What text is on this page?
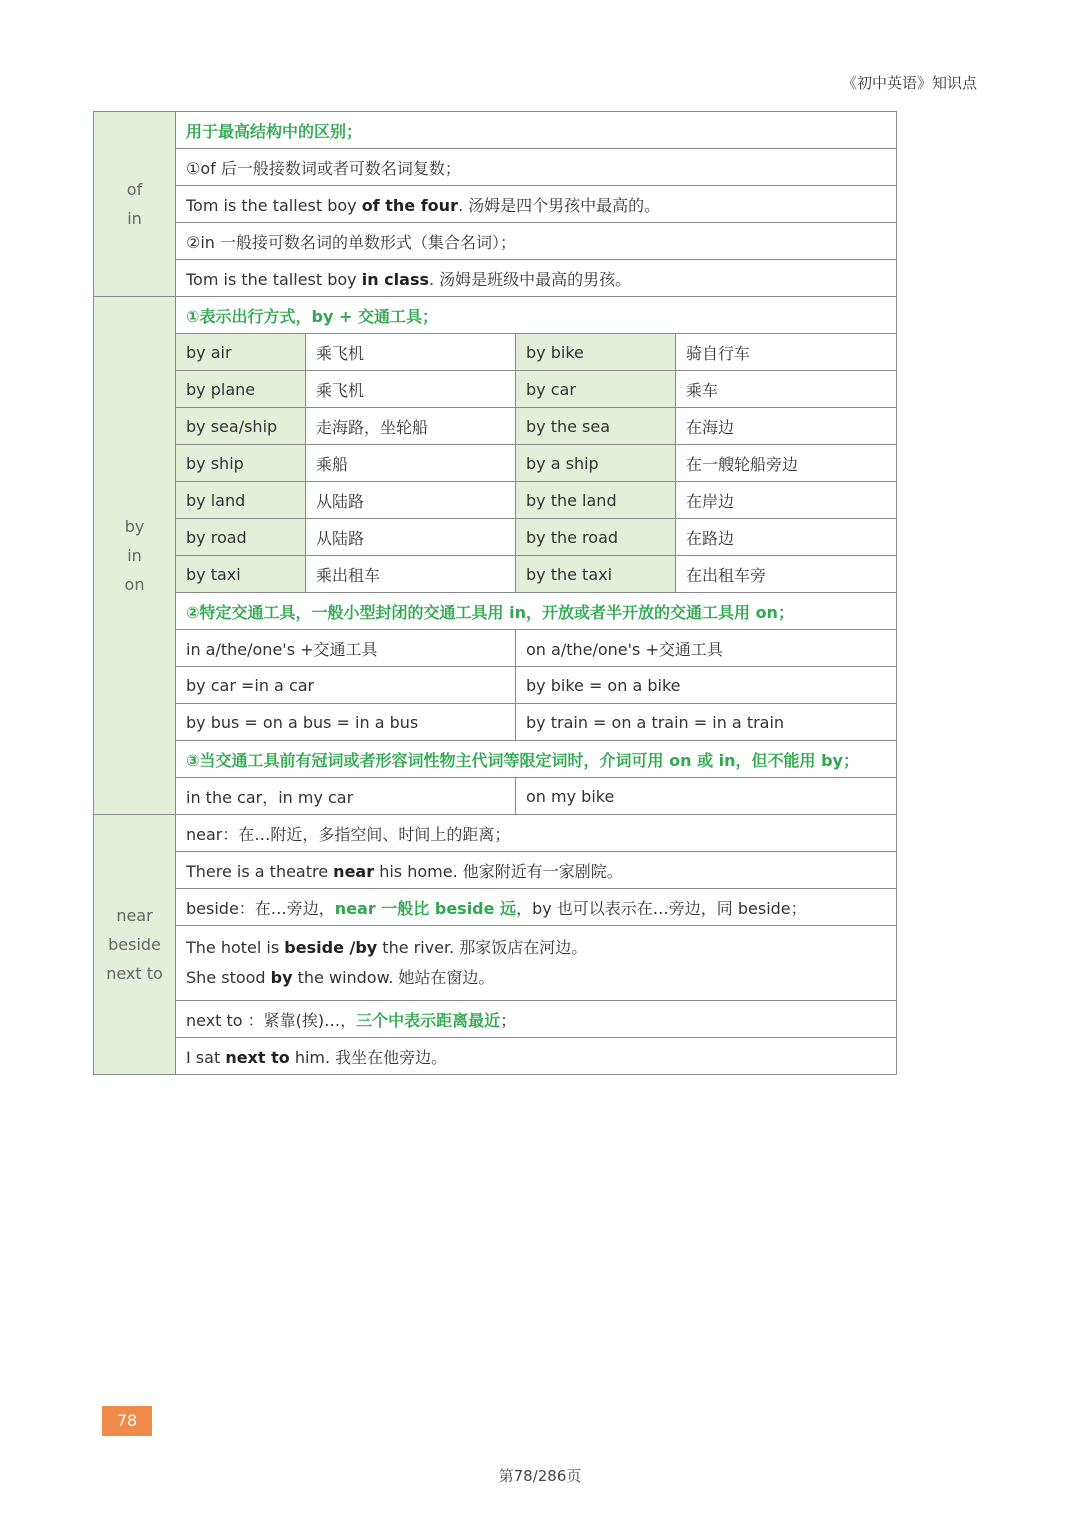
《初中英语》知识点
of
in	用于最高结构中的区别；			
	①of 后一般接数词或者可数名词复数；			
	Tom is the tallest boy of the four. 汤姆是四个男孩中最高的。			
	②in 一般接可数名词的单数形式（集合名词）；			
	Tom is the tallest boy in class. 汤姆是班级中最高的男孩。			

by
in
on	①表示出行方式，by + 交通工具；			
	by air	乘飞机	by bike	骑自行车
	by plane	乘飞机	by car	乘车
	by sea/ship	走海路，坐轮船	by the sea	在海边
	by ship	乘船	by a ship	在一艘轮船旁边
	by land	从陆路	by the land	在岸边
	by road	从陆路	by the road	在路边
	by taxi	乘出租车	by the taxi	在出租车旁
	②特定交通工具，一般小型封闭的交通工具用 in，开放或者半开放的交通工具用 on；			
	in a/the/one's +交通工具		on a/the/one's +交通工具	
	by car =in a car		by bike = on a bike	
	by bus = on a bus = in a bus		by train = on a train = in a train	
	③当交通工具前有冠词或者形容词性物主代词等限定词时，介词可用 on 或 in，但不能用 by；			
	in the car，in my car		on my bike	

near
beside
next to	near：在…附近，多指空间、时间上的距离；			
	There is a theatre near his home. 他家附近有一家剧院。			
	beside：在…旁边，near 一般比 beside 远，by 也可以表示在…旁边，同 beside；			

	The hotel is beside /by the river. 那家饭店在河边。
She stood by the window. 她站在窗边。			

	next to ：紧靠(挨)…，三个中表示距离最近；			
	I sat next to him. 我坐在他旁边。			
78
第78/286页
